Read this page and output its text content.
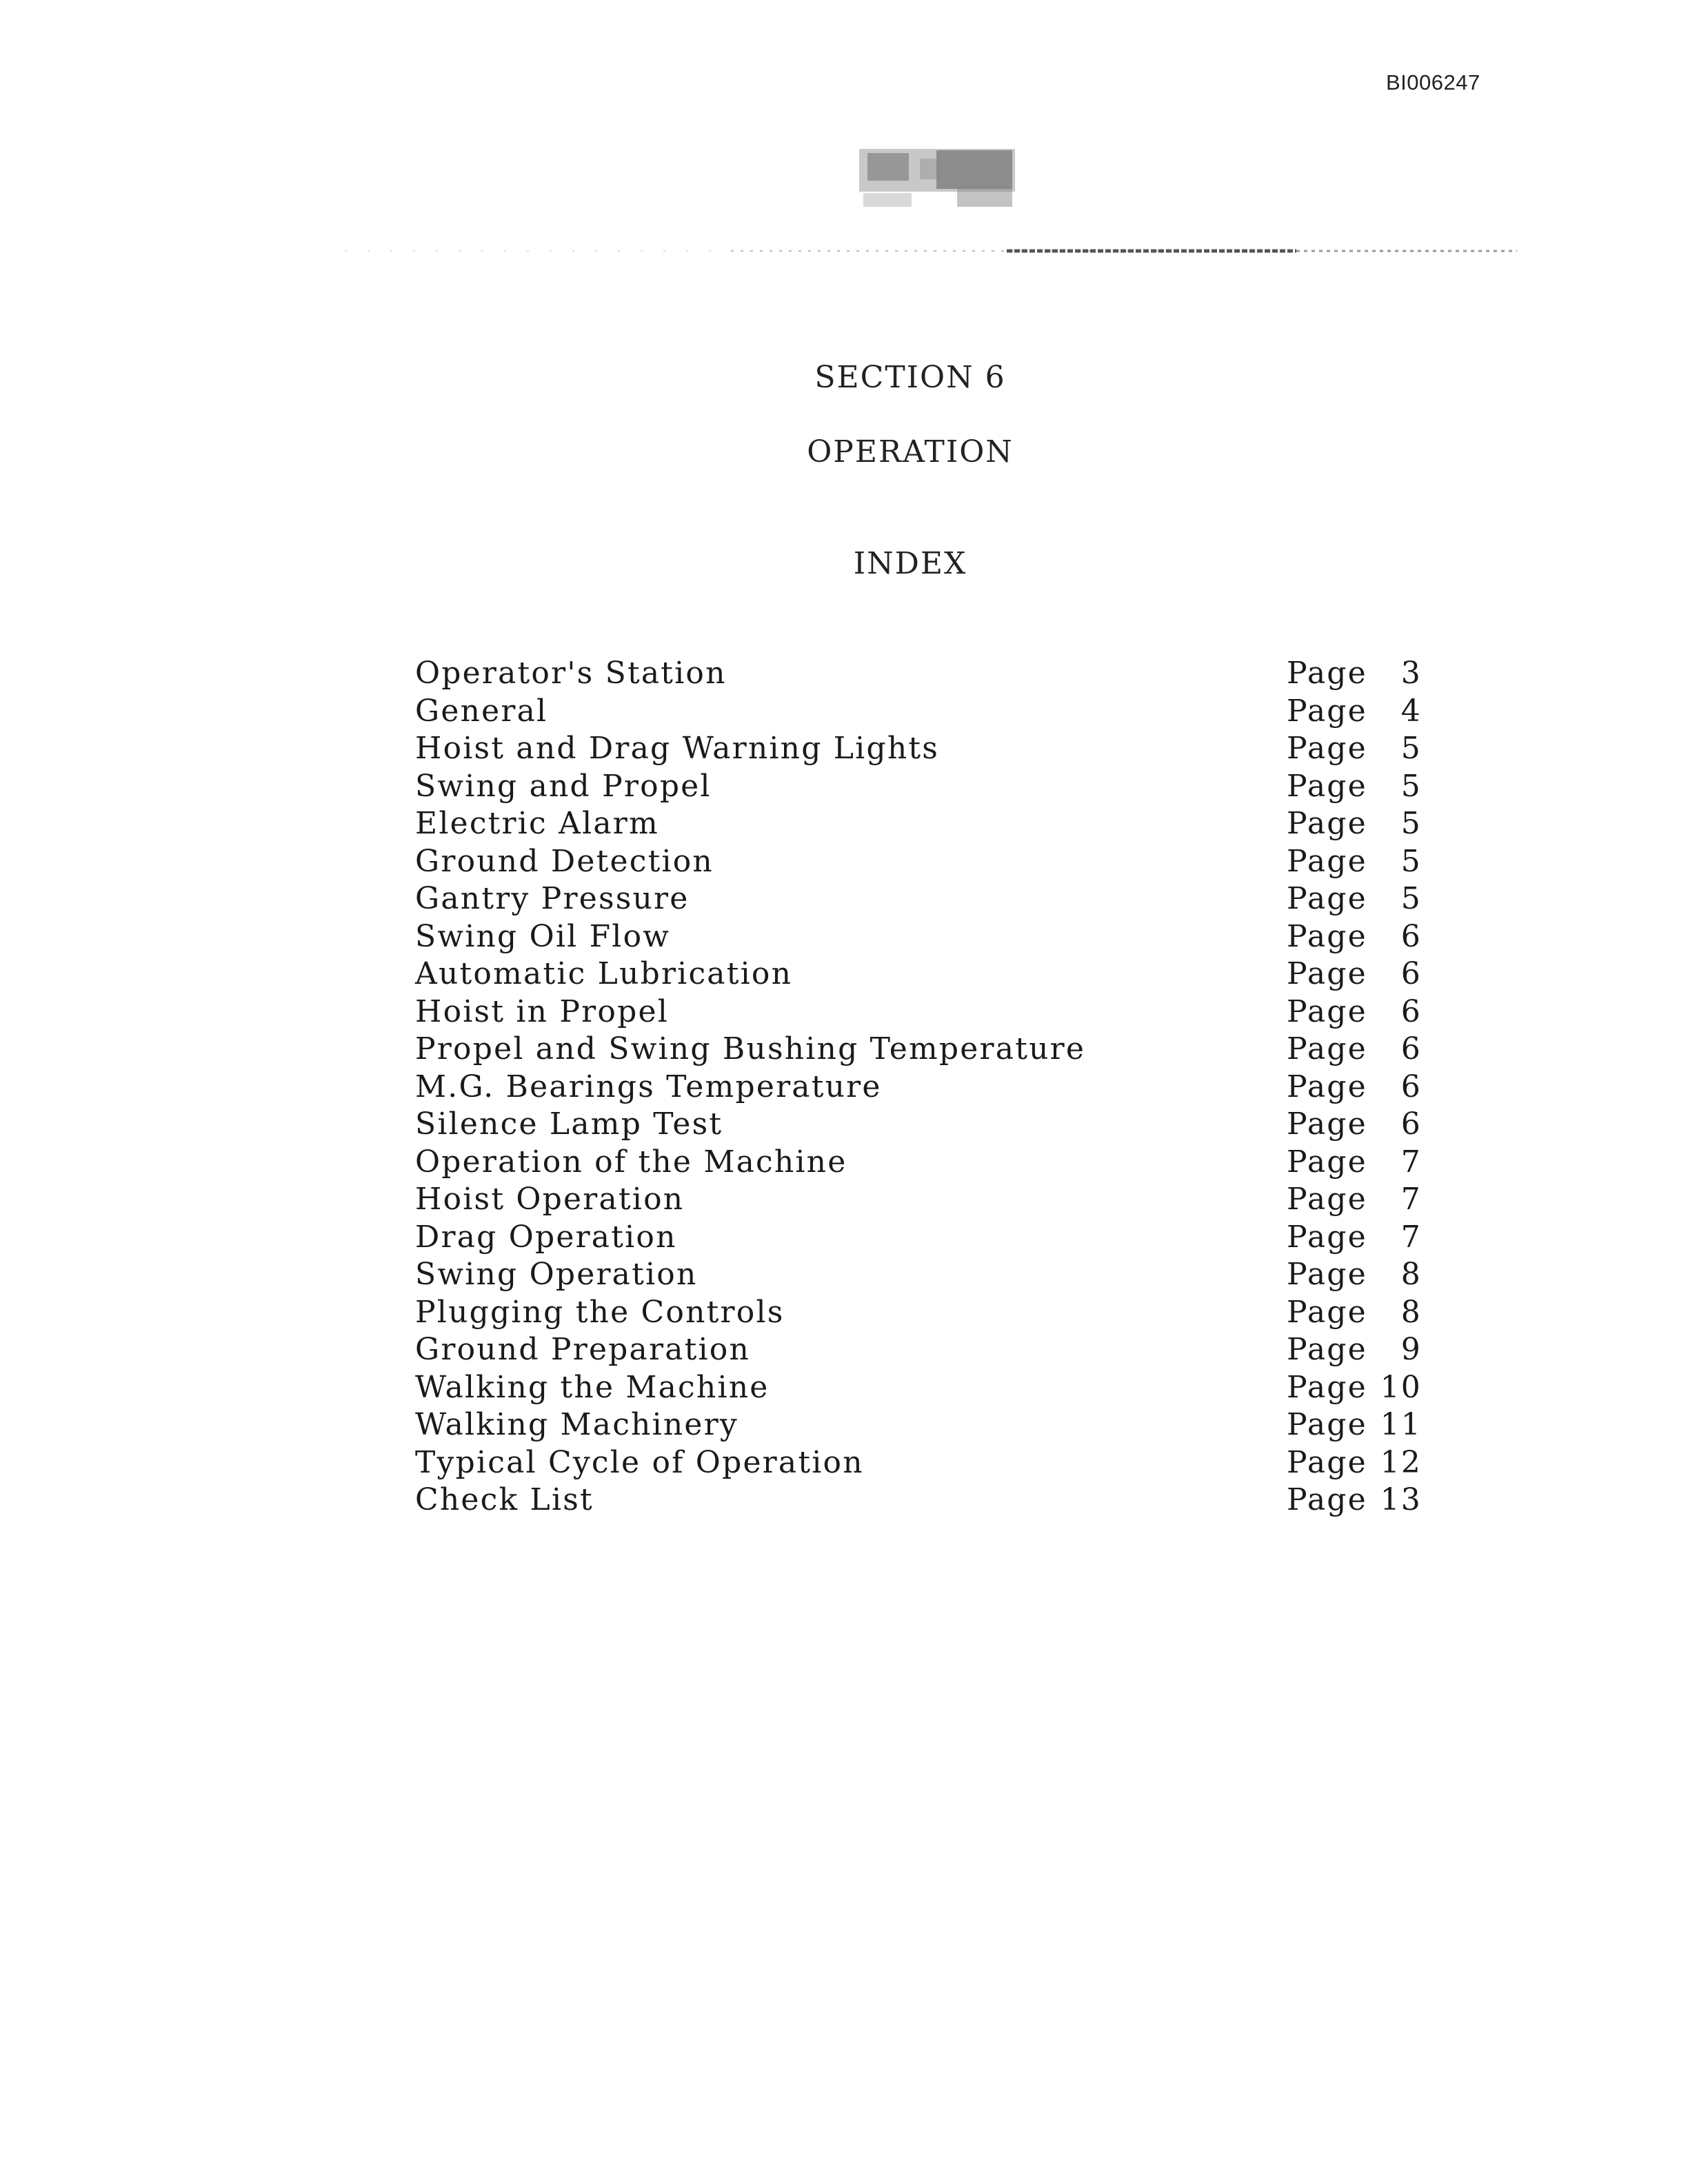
BI006247
SECTION 6
OPERATION
INDEX
Operator's Station	Page	3
General	Page	4
Hoist and Drag Warning Lights	Page	5
Swing and Propel	Page	5
Electric Alarm	Page	5
Ground Detection	Page	5
Gantry Pressure	Page	5
Swing Oil Flow	Page	6
Automatic Lubrication	Page	6
Hoist in Propel	Page	6
Propel and Swing Bushing Temperature	Page	6
M.G. Bearings Temperature	Page	6
Silence Lamp Test	Page	6
Operation of the Machine	Page	7
Hoist Operation	Page	7
Drag Operation	Page	7
Swing Operation	Page	8
Plugging the Controls	Page	8
Ground Preparation	Page	9
Walking the Machine	Page 10
Walking Machinery	Page 11
Typical Cycle of Operation	Page 12
Check List	Page 13
